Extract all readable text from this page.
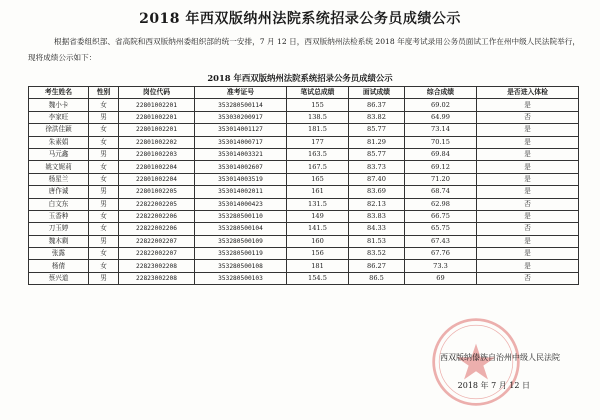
2018 年西双版纳州法院系统招录公务员成绩公示
根据省委组织部、省高院和西双版纳州委组织部的统一安排，7 月 12 日，西双版纳州法检系统 2018 年度考试录用公务员面试工作在州中级人民法院举行，现将成绩公示如下：
2018 年西双版纳州法院系统招录公务员成绩公示
考生姓名	性别	岗位代码	准考证号	笔试总成绩	面试成绩	综合成绩	是否进入体检
魏小卡	女	22801002201	353280500114	155	86.37	69.02	是
李家旺	男	22801002201	353030200917	138.5	83.82	64.99	否
徐洪佳颖	女	22801002201	353014001127	181.5	85.77	73.14	是
朱素娟	女	22801002202	353014000717	177	81.29	70.15	是
马元鑫	男	22801002203	353014003321	163.5	85.77	69.84	是
姚文娓莉	女	22801002204	353014002607	167.5	83.73	69.12	是
杨星兰	女	22801002204	353014003519	165	87.40	71.20	是
唐作诚	男	22801002205	353014002011	161	83.69	68.74	是
白文东	男	22822002205	353014000423	131.5	82.13	62.98	否
玉香种	女	22822002206	353280500110	149	83.83	66.75	是
刀玉婷	女	22822002206	353280500104	141.5	84.33	65.75	否
魏木剩	男	22822002207	353280500109	160	81.53	67.43	是
张露	女	22822002207	353280500119	156	83.52	67.76	是
杨倩	女	22823002208	353280500108	181	86.27	73.3	是
蔡兴道	男	22823002208	353280500103	154.5	86.5	69	否
西双版纳傣族自治州中级人民法院
2018 年 7 月 12 日
